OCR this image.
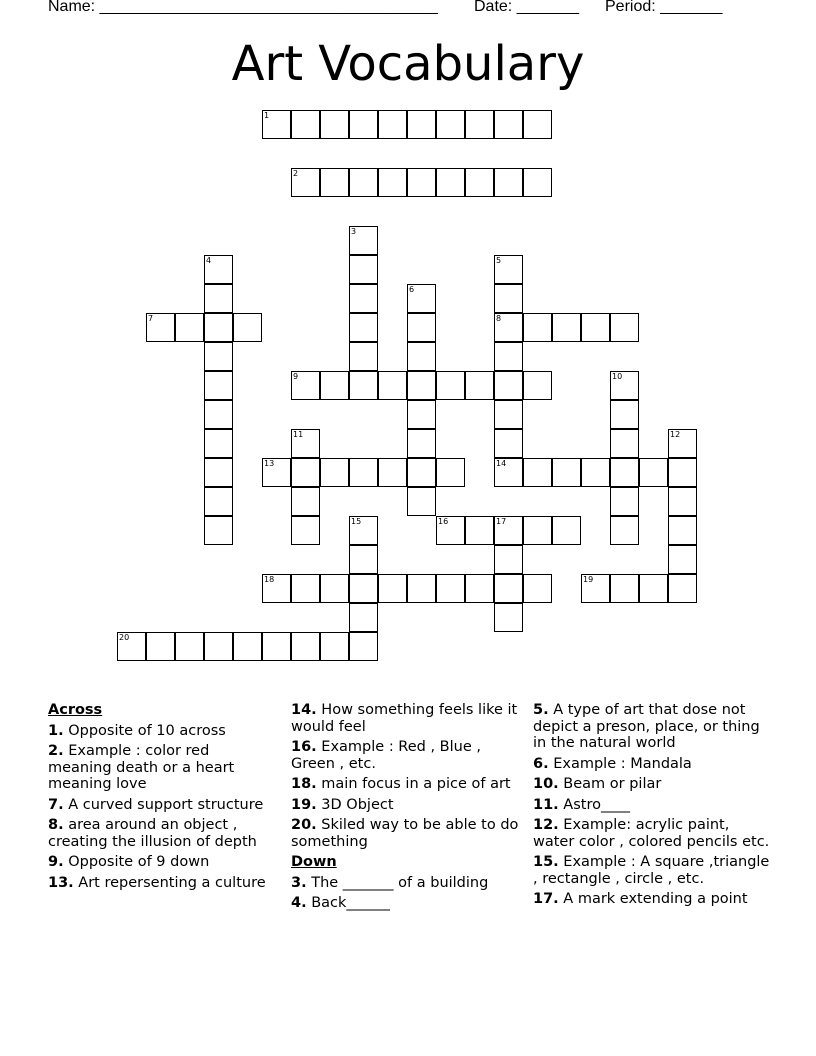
Name: ______________________________________ Date: _______ Period: _______
Art Vocabulary
1
2
3
4	5
8
14
6
7
9	10
11	12
13
15	16	17
18	19
20
Across
1. Opposite of 10 across
2. Example : color red meaning death or a heart meaning love
7. A curved support structure
8. area around an object , creating the illusion of depth
9. Opposite of 9 down
13. Art repersenting a culture
14. How something feels like it would feel
16. Example : Red , Blue , Green , etc.
18. main focus in a pice of art
19. 3D Object
20. Skiled way to be able to do something
Down
3. The _______ of a building
4. Back______
5. A type of art that dose not depict a preson, place, or thing in the natural world
6. Example : Mandala
10. Beam or pilar
11. Astro____
12. Example: acrylic paint, water color , colored pencils etc.
15. Example : A square ,triangle , rectangle , circle , etc.
17. A mark extending a point
